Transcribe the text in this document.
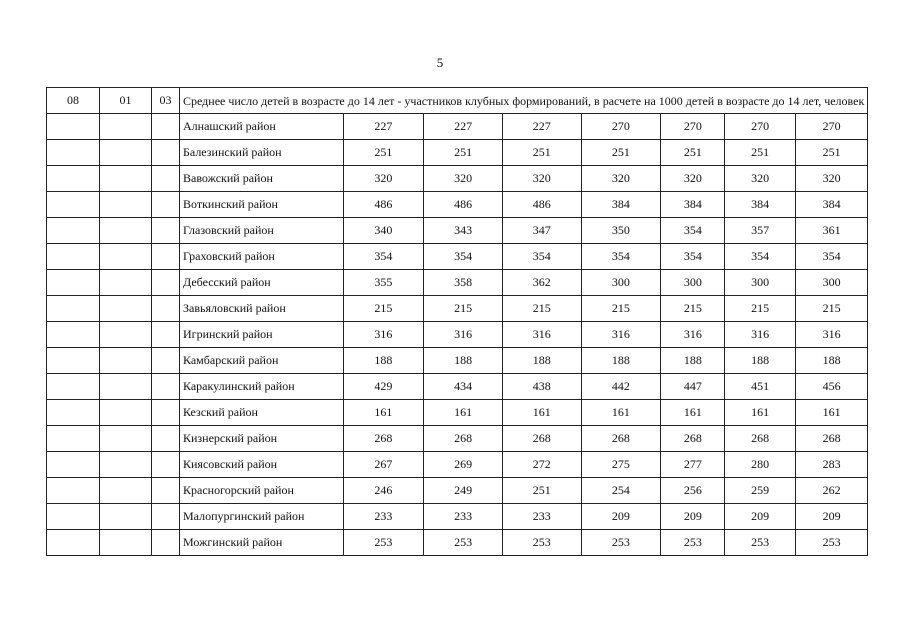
5
08	01	03	Среднее число детей в возрасте до 14 лет - участников клубных формирований, в расчете на 1000 детей в возрасте до 14 лет, человек							
			Алнашский район	227	227	227	270	270	270	270
			Балезинский район	251	251	251	251	251	251	251
			Вавожский район	320	320	320	320	320	320	320
			Воткинский район	486	486	486	384	384	384	384
			Глазовский район	340	343	347	350	354	357	361
			Граховский район	354	354	354	354	354	354	354
			Дебесский район	355	358	362	300	300	300	300
			Завьяловский район	215	215	215	215	215	215	215
			Игринский район	316	316	316	316	316	316	316
			Камбарский район	188	188	188	188	188	188	188
			Каракулинский район	429	434	438	442	447	451	456
			Кезский район	161	161	161	161	161	161	161
			Кизнерский район	268	268	268	268	268	268	268
			Киясовский район	267	269	272	275	277	280	283
			Красногорский район	246	249	251	254	256	259	262
			Малопургинский район	233	233	233	209	209	209	209
			Можгинский район	253	253	253	253	253	253	253
